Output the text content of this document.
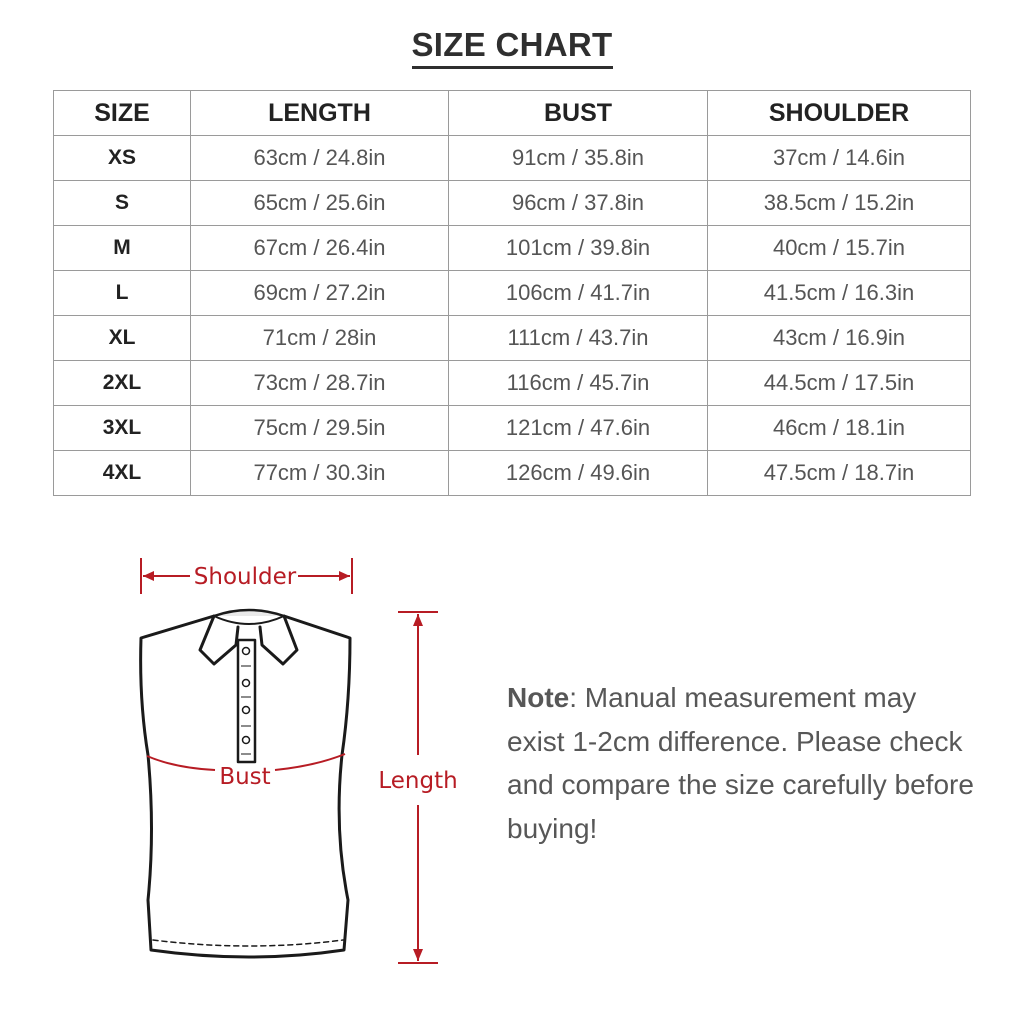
SIZE CHART
SIZE	LENGTH	BUST	SHOULDER
XS	63cm / 24.8in	91cm / 35.8in	37cm / 14.6in
S	65cm / 25.6in	96cm / 37.8in	38.5cm / 15.2in
M	67cm / 26.4in	101cm / 39.8in	40cm / 15.7in
L	69cm / 27.2in	106cm / 41.7in	41.5cm / 16.3in
XL	71cm / 28in	111cm / 43.7in	43cm / 16.9in
2XL	73cm / 28.7in	116cm / 45.7in	44.5cm / 17.5in
3XL	75cm / 29.5in	121cm / 47.6in	46cm / 18.1in
4XL	77cm / 30.3in	126cm / 49.6in	47.5cm / 18.7in
Shoulder
Bust	Length
Note: Manual measurement may exist 1-2cm difference. Please check and compare the size carefully before buying!
